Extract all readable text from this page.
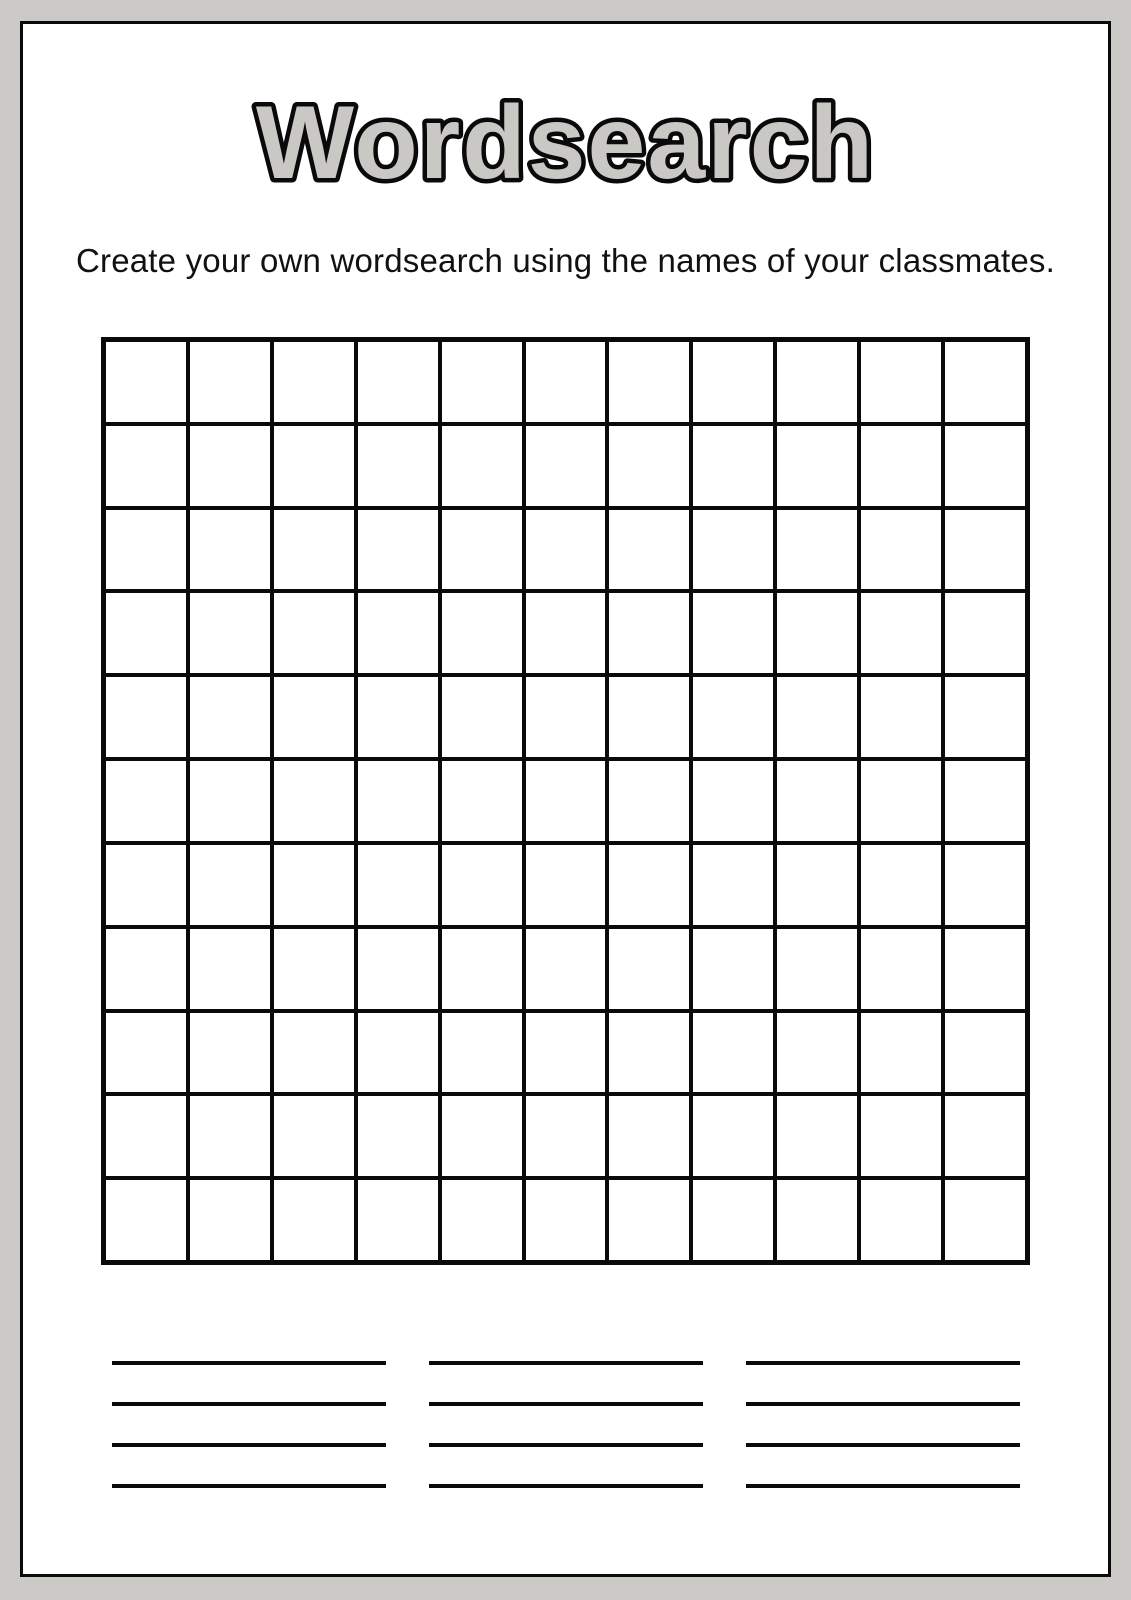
Wordsearch

Create your own wordsearch using the names of your classmates.
